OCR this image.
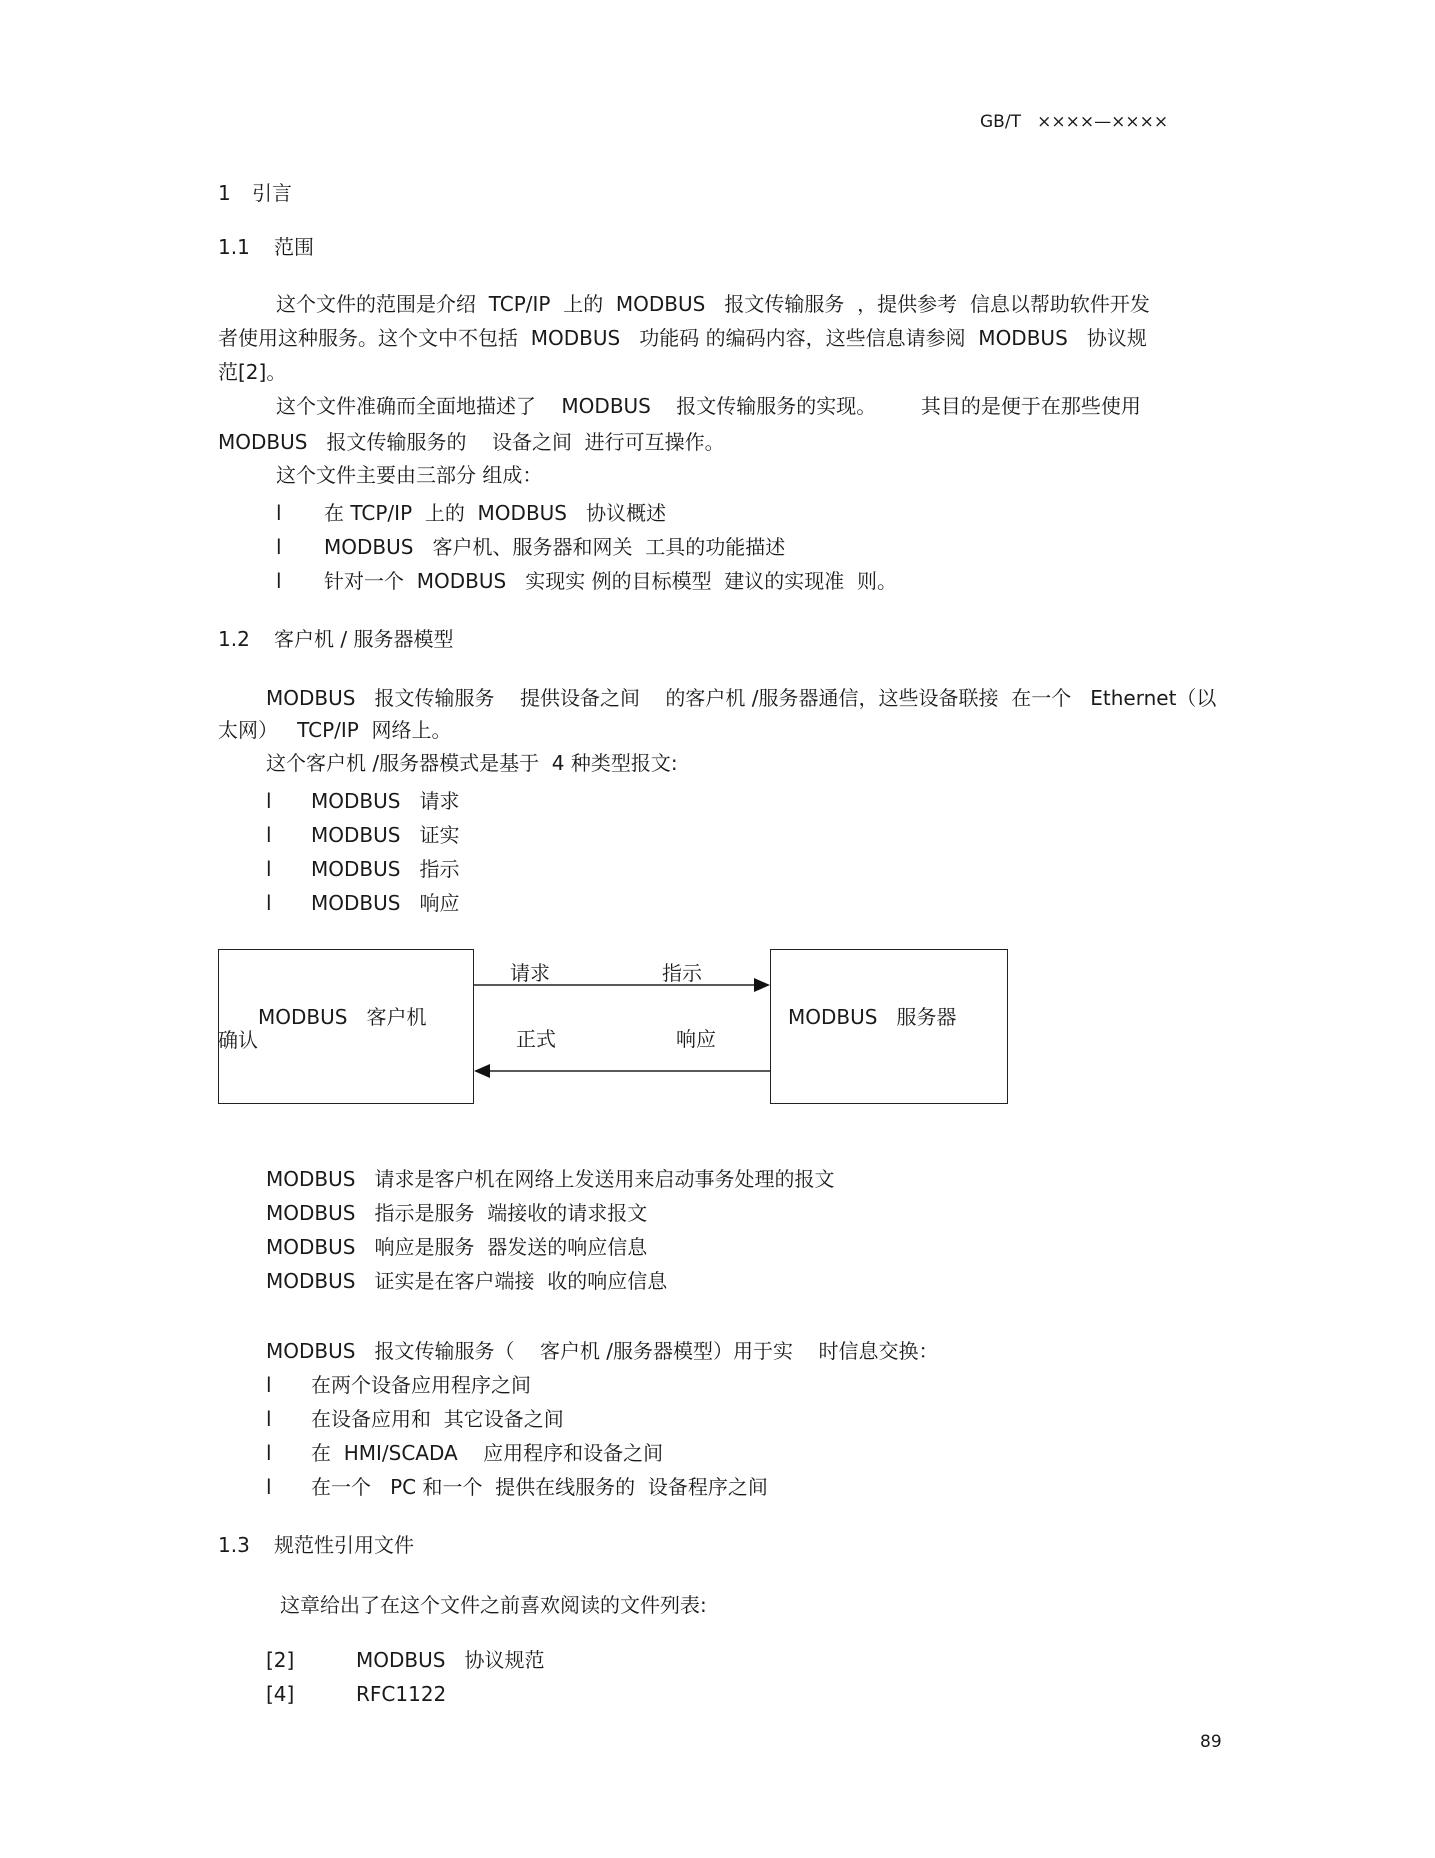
GB/T ××××—××××
1 引言
1.1 范围
这个文件的范围是介绍  TCP/IP  上的  MODBUS   报文传输服务  ，提供参考  信息以帮助软件开发
者使用这种服务。这个文中不包括  MODBUS   功能码 的编码内容，这些信息请参阅  MODBUS   协议规
范[2]。
这个文件准确而全面地描述了    MODBUS    报文传输服务的实现。       其目的是便于在那些使用
MODBUS   报文传输服务的    设备之间  进行可互操作。
这个文件主要由三部分 组成：
l 在 TCP/IP  上的  MODBUS   协议概述
l MODBUS   客户机、服务器和网关  工具的功能描述
l 针对一个  MODBUS   实现实 例的目标模型  建议的实现准  则。
1.2 客户机 / 服务器模型
MODBUS   报文传输服务    提供设备之间    的客户机 /服务器通信，这些设备联接  在一个   Ethernet（以
太网）   TCP/IP  网络上。
这个客户机 /服务器模式是基于  4 种类型报文:
l MODBUS   请求
l MODBUS   证实
l MODBUS   指示
l MODBUS   响应
请求	指示
MODBUS   客户机
确认
MODBUS   服务器
正式	响应
MODBUS   请求是客户机在网络上发送用来启动事务处理的报文
MODBUS   指示是服务  端接收的请求报文
MODBUS   响应是服务  器发送的响应信息
MODBUS   证实是在客户端接  收的响应信息
MODBUS   报文传输服务（    客户机 /服务器模型）用于实    时信息交换：
l 在两个设备应用程序之间
l 在设备应用和  其它设备之间
l 在  HMI/SCADA    应用程序和设备之间
l 在一个   PC 和一个  提供在线服务的  设备程序之间
1.3 规范性引用文件
这章给出了在这个文件之前喜欢阅读的文件列表:
[2]	MODBUS   协议规范
[4]	RFC1122
89
